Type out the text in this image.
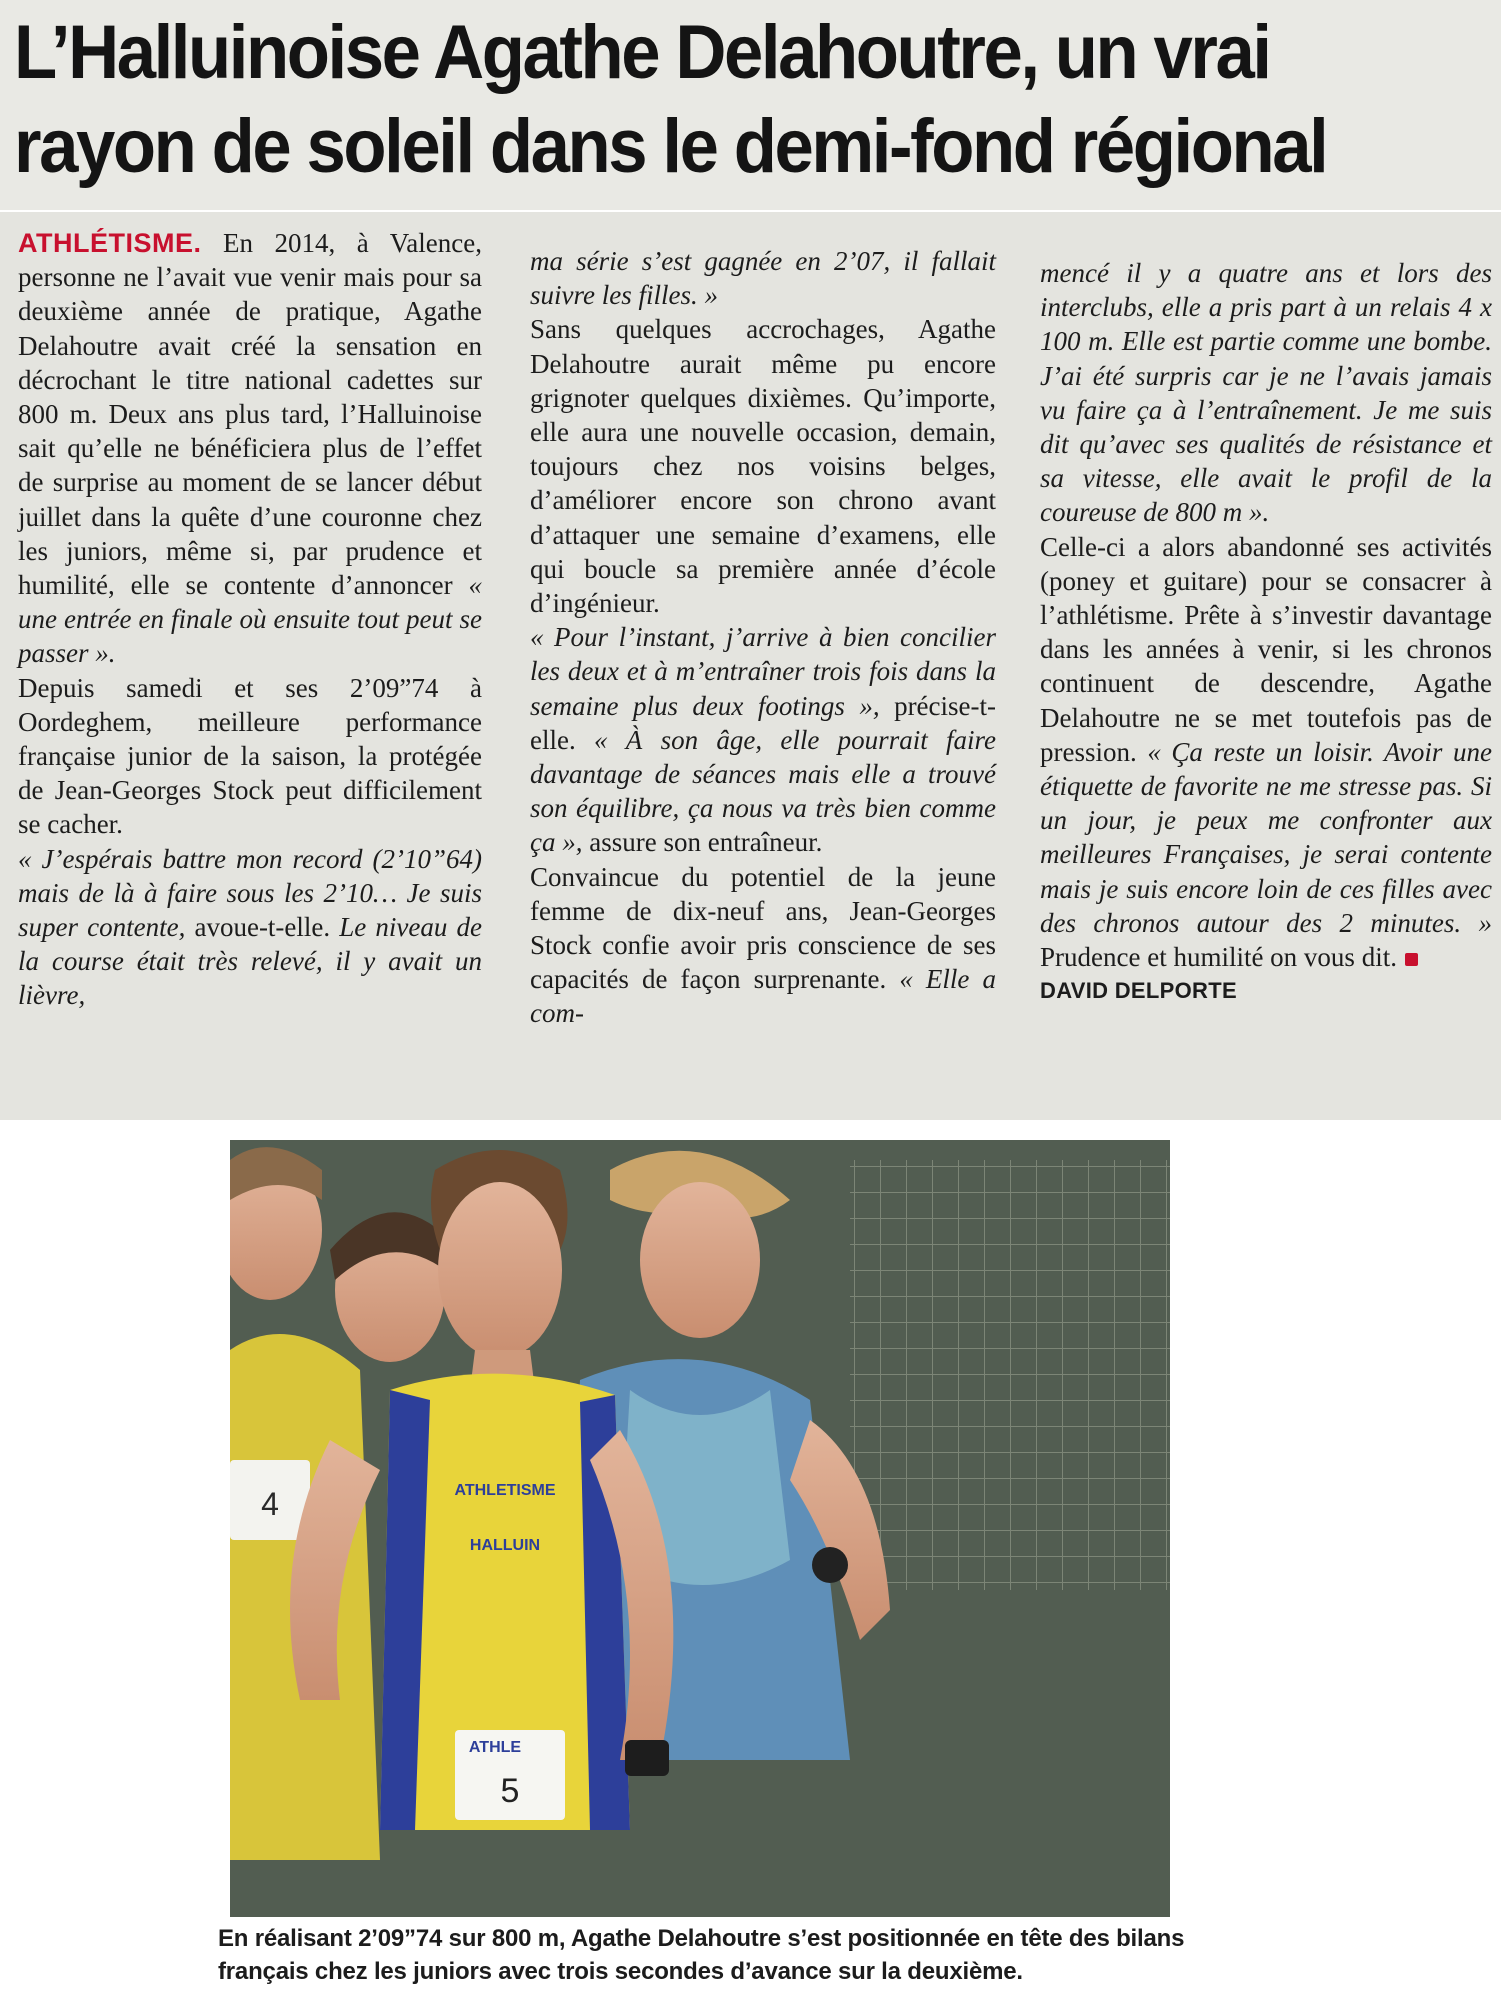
L’Halluinoise Agathe Delahoutre, un vrai rayon de soleil dans le demi-fond régional

ATHLÉTISME. En 2014, à Valence, personne ne l’avait vue venir mais pour sa deuxième année de pratique, Agathe Delahoutre avait créé la sensation en décrochant le titre national cadettes sur 800 m. Deux ans plus tard, l’Halluinoise sait qu’elle ne bénéficiera plus de l’effet de surprise au moment de se lancer début juillet dans la quête d’une couronne chez les juniors, même si, par prudence et humilité, elle se contente d’annoncer « une entrée en finale où ensuite tout peut se passer ».

Depuis samedi et ses 2’09”74 à Oordeghem, meilleure performance française junior de la saison, la protégée de Jean-Georges Stock peut difficilement se cacher.

« J’espérais battre mon record (2’10”64) mais de là à faire sous les 2’10… Je suis super contente, avoue-t-elle. Le niveau de la course était très relevé, il y avait un lièvre,

ma série s’est gagnée en 2’07, il fallait suivre les filles. »

Sans quelques accrochages, Agathe Delahoutre aurait même pu encore grignoter quelques dixièmes. Qu’importe, elle aura une nouvelle occasion, demain, toujours chez nos voisins belges, d’améliorer encore son chrono avant d’attaquer une semaine d’examens, elle qui boucle sa première année d’école d’ingénieur.

« Pour l’instant, j’arrive à bien concilier les deux et à m’entraîner trois fois dans la semaine plus deux footings », précise-t-elle. « À son âge, elle pourrait faire davantage de séances mais elle a trouvé son équilibre, ça nous va très bien comme ça », assure son entraîneur.

Convaincue du potentiel de la jeune femme de dix-neuf ans, Jean-Georges Stock confie avoir pris conscience de ses capacités de façon surprenante. « Elle a com-

mencé il y a quatre ans et lors des interclubs, elle a pris part à un relais 4 x 100 m. Elle est partie comme une bombe. J’ai été surpris car je ne l’avais jamais vu faire ça à l’entraînement. Je me suis dit qu’avec ses qualités de résistance et sa vitesse, elle avait le profil de la coureuse de 800 m ».

Celle-ci a alors abandonné ses activités (poney et guitare) pour se consacrer à l’athlétisme. Prête à s’investir davantage dans les années à venir, si les chronos continuent de descendre, Agathe Delahoutre ne se met toutefois pas de pression. « Ça reste un loisir. Avoir une étiquette de favorite ne me stresse pas. Si un jour, je peux me confronter aux meilleures Françaises, je serai contente mais je suis encore loin de ces filles avec des chronos autour des 2 minutes. » Prudence et humilité on vous dit.

DAVID DELPORTE

4	ATHLETISME
HALLUIN
ATHLE
5

En réalisant 2’09”74 sur 800 m, Agathe Delahoutre s’est positionnée en tête des bilans français chez les juniors avec trois secondes d’avance sur la deuxième.
